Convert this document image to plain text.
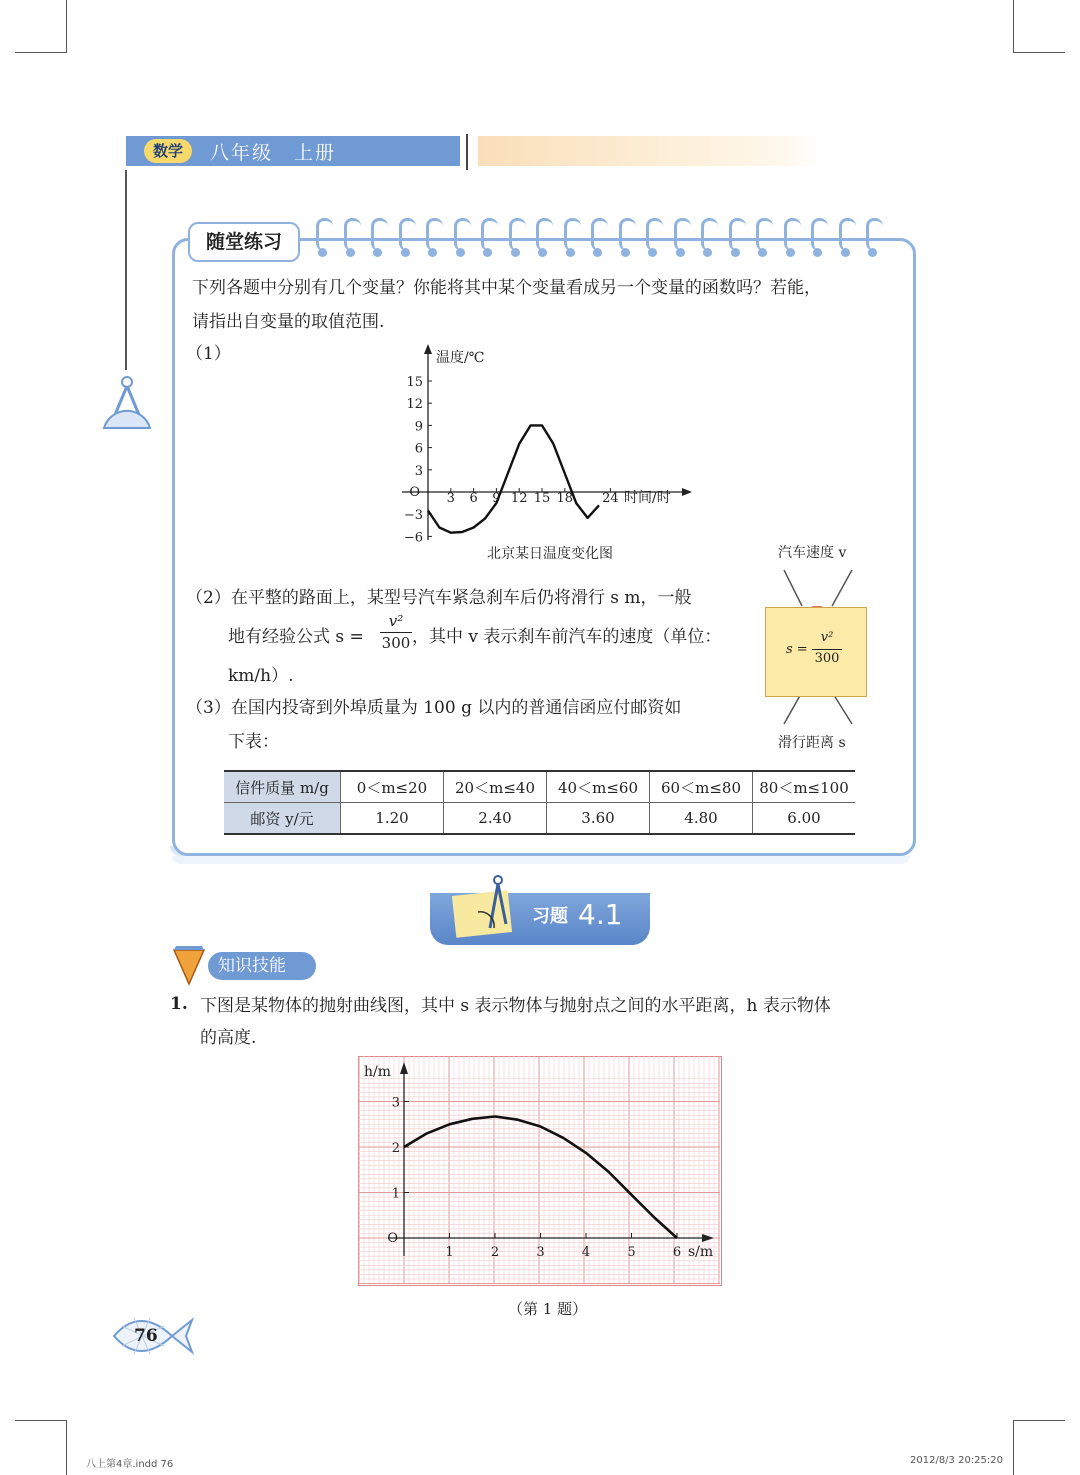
数学	八年级　上册
随堂练习
下列各题中分别有几个变量？你能将其中某个变量看成另一个变量的函数吗？若能，
请指出自变量的取值范围.
（1）	温度/℃
时间/时
O
15
12
9
6
3
−3
−6
3 6 9 12 15 18 24
北京某日温度变化图
（2）在平整的路面上，某型号汽车紧急刹车后仍将滑行 s m，一般
地有经验公式 s =
v²
300 ，其中 v 表示刹车前汽车的速度（单位：
km/h）.
汽车速度 v
s =
v²
300
滑行距离 s
（3）在国内投寄到外埠质量为 100 g 以内的普通信函应付邮资如
下表：
信件质量 m/g	0＜m≤20	20＜m≤40	40＜m≤60	60＜m≤80	80＜m≤100
邮资 y/元	1.20	2.40	3.60	4.80	6.00
习题 4.1
知识技能
1. 下图是某物体的抛射曲线图，其中 s 表示物体与抛射点之间的水平距离，h 表示物体
的高度.
h/m
s/m
O
1
2
3
1	2	3	4	5	6
（第 1 题）
76
八上第4章.indd 76	2012/8/3 20:25:20
